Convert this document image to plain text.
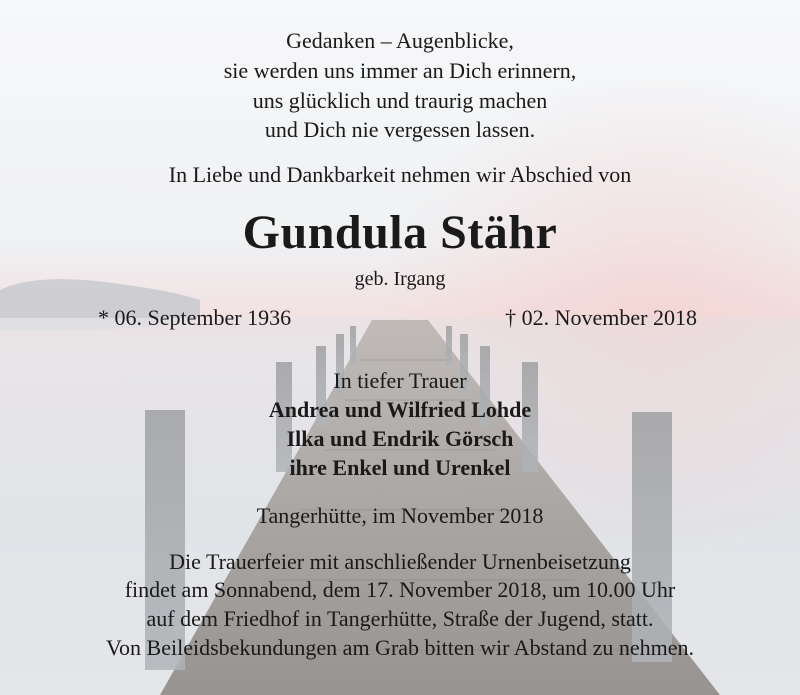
Gedanken – Augenblicke,
sie werden uns immer an Dich erinnern,
uns glücklich und traurig machen
und Dich nie vergessen lassen.
In Liebe und Dankbarkeit nehmen wir Abschied von
Gundula Stähr
geb. Irgang
* 06. September 1936	† 02. November 2018
In tiefer Trauer
Andrea und Wilfried Lohde
Ilka und Endrik Görsch
ihre Enkel und Urenkel
Tangerhütte, im November 2018
Die Trauerfeier mit anschließender Urnenbeisetzung
findet am Sonnabend, dem 17. November 2018, um 10.00 Uhr
auf dem Friedhof in Tangerhütte, Straße der Jugend, statt.
Von Beileidsbekundungen am Grab bitten wir Abstand zu nehmen.
